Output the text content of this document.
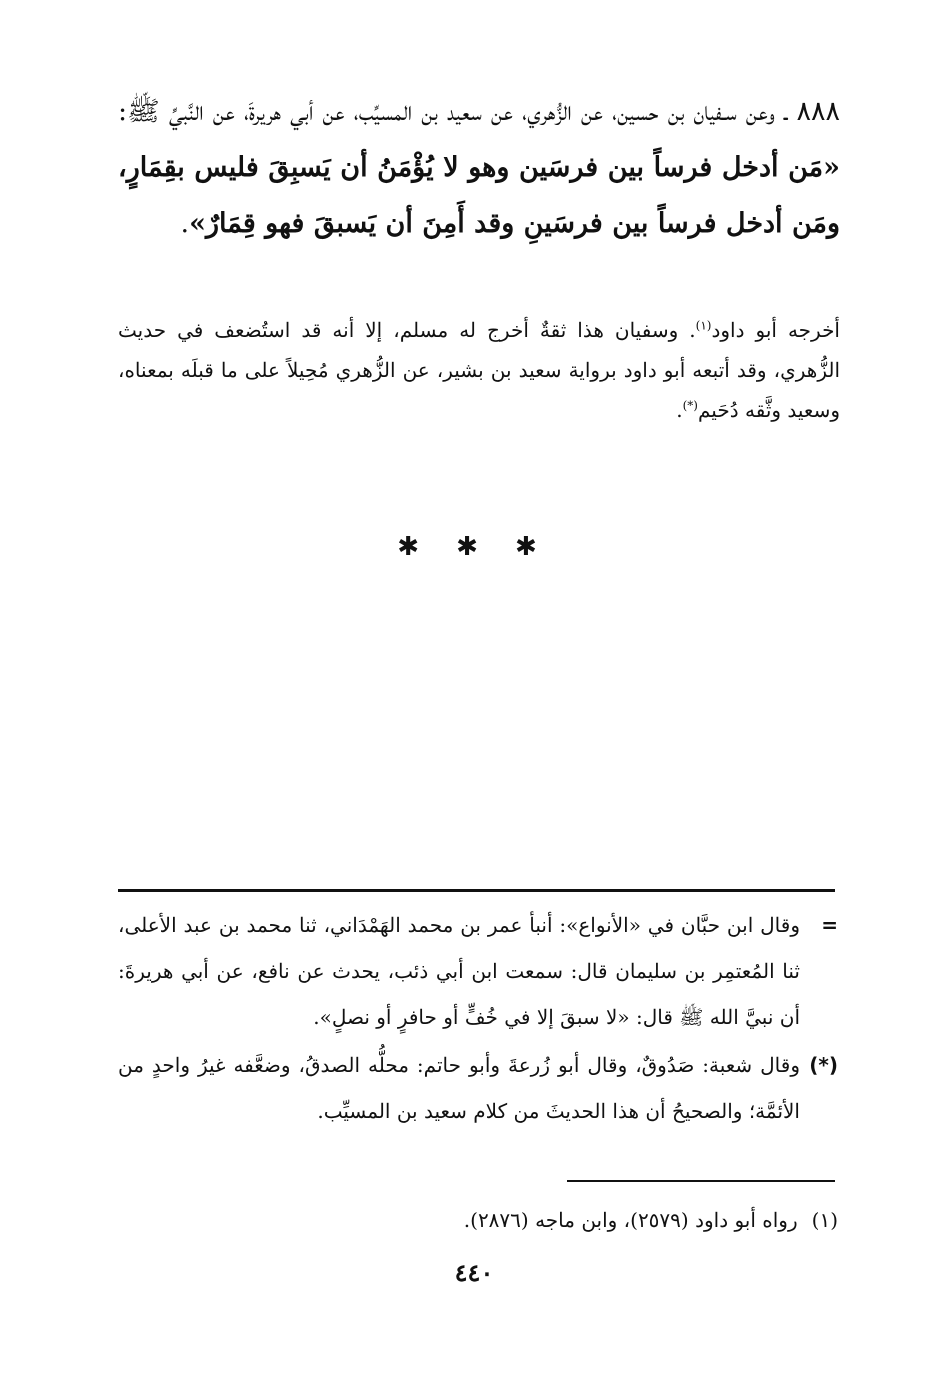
٨٨٨ ـ وعن سـفيان بن حسين، عن الزُّهري، عن سعيد بن المسيِّب، عن أبي هريرةَ، عن النَّبيِّ ﷺ: «مَن أدخل فرساً بين فرسَين وهو لا يُؤْمَنُ أن يَسبِقَ فليس بقِمَارٍ، ومَن أدخل فرساً بين فرسَينِ وقد أَمِنَ أن يَسبقَ فهو قِمَارٌ».
أخرجه أبو داود$^{(١)}$. وسفيان هذا ثقةٌ أخرج له مسلم، إلا أنه قد استُضعف في حديث الزُّهري، وقد أتبعه أبو داود برواية سعيد بن بشير، عن الزُّهري مُحِيلاً على ما قبلَه بمعناه، وسعيد وثَّقه دُحَيم(*).
✱ ✱ ✱
=
وقال ابن حبَّان في «الأنواع»: أنبأ عمر بن محمد الهَمْدَاني، ثنا محمد بن عبد الأعلى، ثنا المُعتمِر بن سليمان قال: سمعت ابن أبي ذئب، يحدث عن نافع، عن أبي هريرةَ: أن نبيَّ الله ﷺ قال: «لا سبقَ إلا في خُفٍّ أو حافرٍ أو نصلٍ».
(*)
وقال شعبة: صَدُوقٌ، وقال أبو زُرعةَ وأبو حاتم: محلُّه الصدقُ، وضعَّفه غيرُ واحدٍ من الأئمَّة؛ والصحيحُ أن هذا الحديثَ من كلام سعيد بن المسيِّب.
(١)رواه أبو داود (٢٥٧٩)، وابن ماجه (٢٨٧٦).
٤٤٠
